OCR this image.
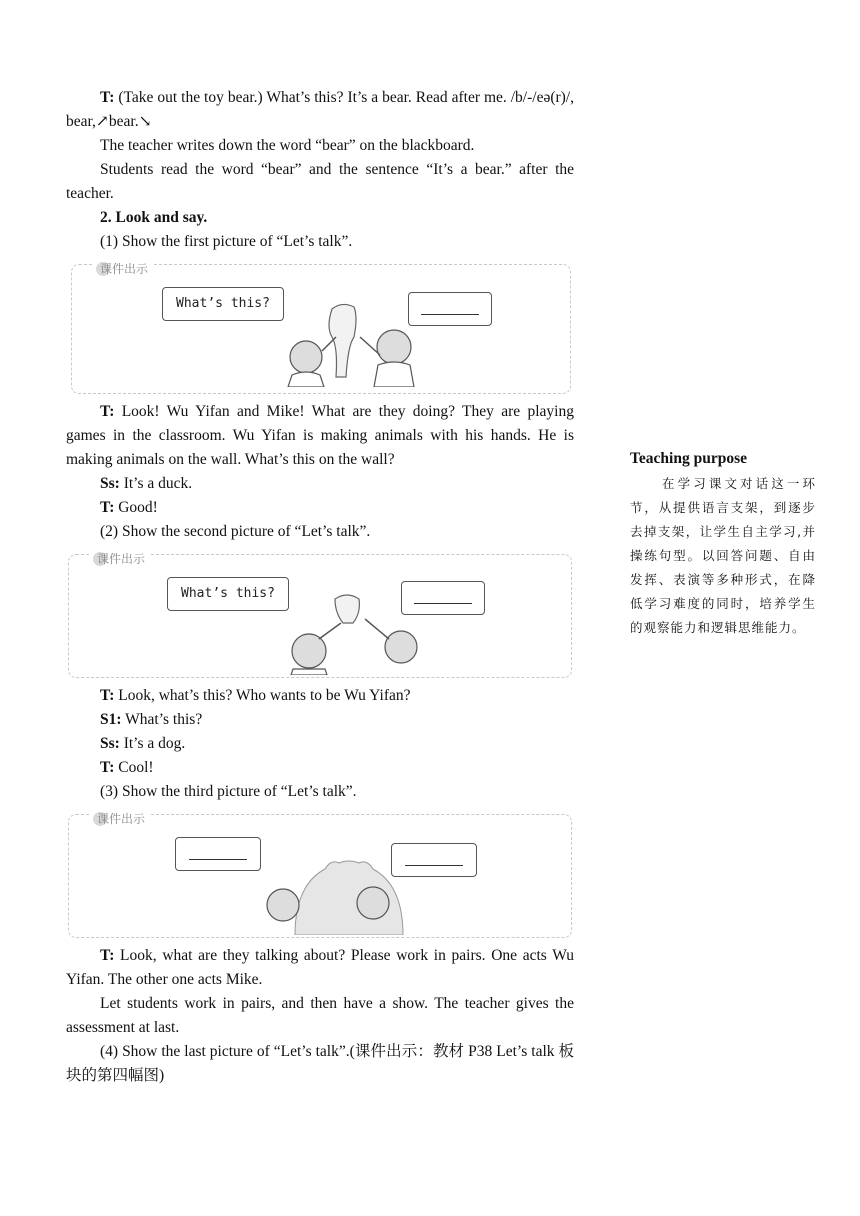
T: (Take out the toy bear.) What’s this? It’s a bear. Read after me. /b/-/eə(r)/, bear,↗bear.↘

The teacher writes down the word “bear” on the blackboard.

Students read the word “bear” and the sentence “It’s a bear.” after the teacher.

2. Look and say.

(1) Show the first picture of “Let’s talk”.

课件出示
What’s this?

T: Look! Wu Yifan and Mike! What are they doing? They are playing games in the classroom. Wu Yifan is making animals with his hands. He is making animals on the wall. What’s this on the wall?

Ss: It’s a duck.

T: Good!

(2) Show the second picture of “Let’s talk”.

课件出示
What’s this?

T: Look, what’s this? Who wants to be Wu Yifan?

S1: What’s this?

Ss: It’s a dog.

T: Cool!

(3) Show the third picture of “Let’s talk”.

课件出示

T: Look, what are they talking about? Please work in pairs. One acts Wu Yifan. The other one acts Mike.

Let students work in pairs, and then have a show. The teacher gives the assessment at last.

(4) Show the last picture of “Let’s talk”.(课件出示：教材 P38 Let’s talk 板块的第四幅图)

Teaching purpose

在学习课文对话这一环节，从提供语言支架，到逐步去掉支架，让学生自主学习,并操练句型。以回答问题、自由发挥、表演等多种形式，在降低学习难度的同时，培养学生的观察能力和逻辑思维能力。
